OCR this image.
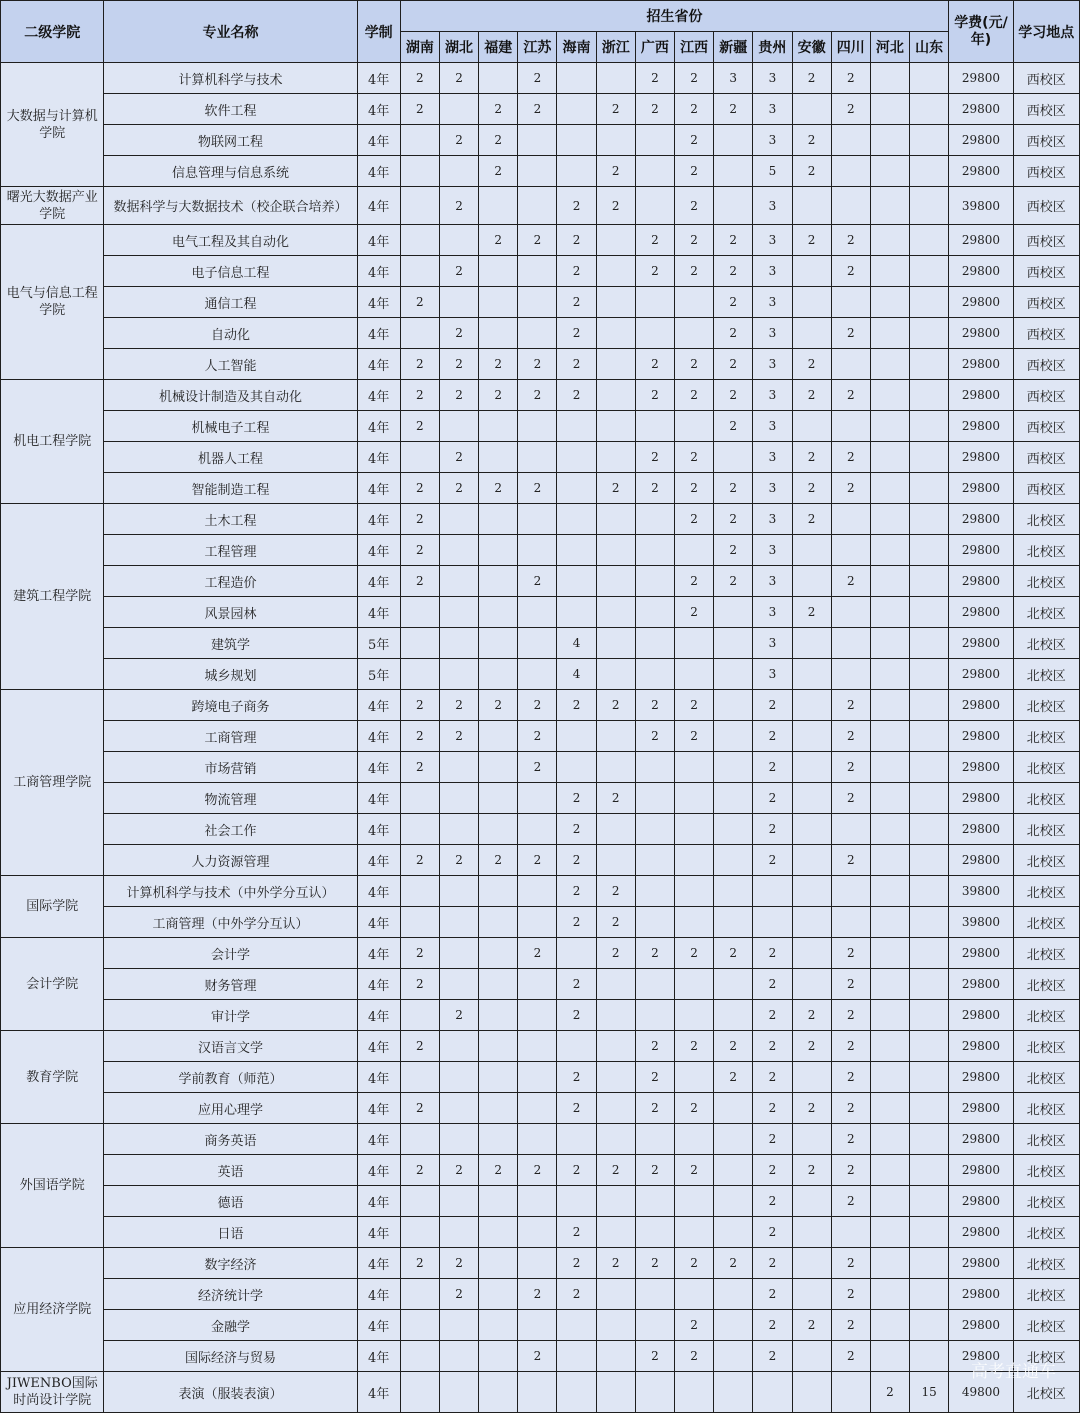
二级学院	专业名称	学制	招生省份														学费(元/年)	学习地点
			湖南	湖北	福建	江苏	海南	浙江	广西	江西	新疆	贵州	安徽	四川	河北	山东		
大数据与计算机学院	计算机科学与技术	4年	2	2		2			2	2	3	3	2	2			29800	西校区
	软件工程	4年	2		2	2		2	2	2	2	3		2			29800	西校区
	物联网工程	4年		2	2					2		3	2				29800	西校区
	信息管理与信息系统	4年			2			2		2		5	2				29800	西校区
曙光大数据产业学院	数据科学与大数据技术（校企联合培养）	4年		2			2	2		2		3					39800	西校区
电气与信息工程学院	电气工程及其自动化	4年			2	2	2		2	2	2	3	2	2			29800	西校区
	电子信息工程	4年		2			2		2	2	2	3		2			29800	西校区
	通信工程	4年	2				2				2	3					29800	西校区
	自动化	4年		2			2				2	3		2			29800	西校区
	人工智能	4年	2	2	2	2	2		2	2	2	3	2				29800	西校区
机电工程学院	机械设计制造及其自动化	4年	2	2	2	2	2		2	2	2	3	2	2			29800	西校区
	机械电子工程	4年	2								2	3					29800	西校区
	机器人工程	4年		2					2	2		3	2	2			29800	西校区
	智能制造工程	4年	2	2	2	2		2	2	2	2	3	2	2			29800	西校区
建筑工程学院	土木工程	4年	2							2	2	3	2				29800	北校区
	工程管理	4年	2								2	3					29800	北校区
	工程造价	4年	2			2				2	2	3		2			29800	北校区
	风景园林	4年								2		3	2				29800	北校区
	建筑学	5年					4					3					29800	北校区
	城乡规划	5年					4					3					29800	北校区
工商管理学院	跨境电子商务	4年	2	2	2	2	2	2	2	2		2		2			29800	北校区
	工商管理	4年	2	2		2			2	2		2		2			29800	北校区
	市场营销	4年	2			2						2		2			29800	北校区
	物流管理	4年					2	2				2		2			29800	北校区
	社会工作	4年					2					2					29800	北校区
	人力资源管理	4年	2	2	2	2	2					2		2			29800	北校区
国际学院	计算机科学与技术（中外学分互认）	4年					2	2									39800	北校区
	工商管理（中外学分互认）	4年					2	2									39800	北校区
会计学院	会计学	4年	2			2		2	2	2	2	2		2			29800	北校区
	财务管理	4年	2				2					2		2			29800	北校区
	审计学	4年		2			2					2	2	2			29800	北校区
教育学院	汉语言文学	4年	2						2	2	2	2	2	2			29800	北校区
	学前教育（师范）	4年					2		2		2	2		2			29800	北校区
	应用心理学	4年	2				2		2	2		2	2	2			29800	北校区
外国语学院	商务英语	4年										2		2			29800	北校区
	英语	4年	2	2	2	2	2	2	2	2		2	2	2			29800	北校区
	德语	4年										2		2			29800	北校区
	日语	4年					2					2					29800	北校区
应用经济学院	数字经济	4年	2	2			2	2	2	2	2	2		2			29800	北校区
	经济统计学	4年		2		2	2					2		2			29800	北校区
	金融学	4年								2		2	2	2			29800	北校区
	国际经济与贸易	4年				2			2	2		2		2			29800	北校区
JIWENBO国际时尚设计学院	表演（服装表演）	4年													2	15	49800	北校区
高考直通车
